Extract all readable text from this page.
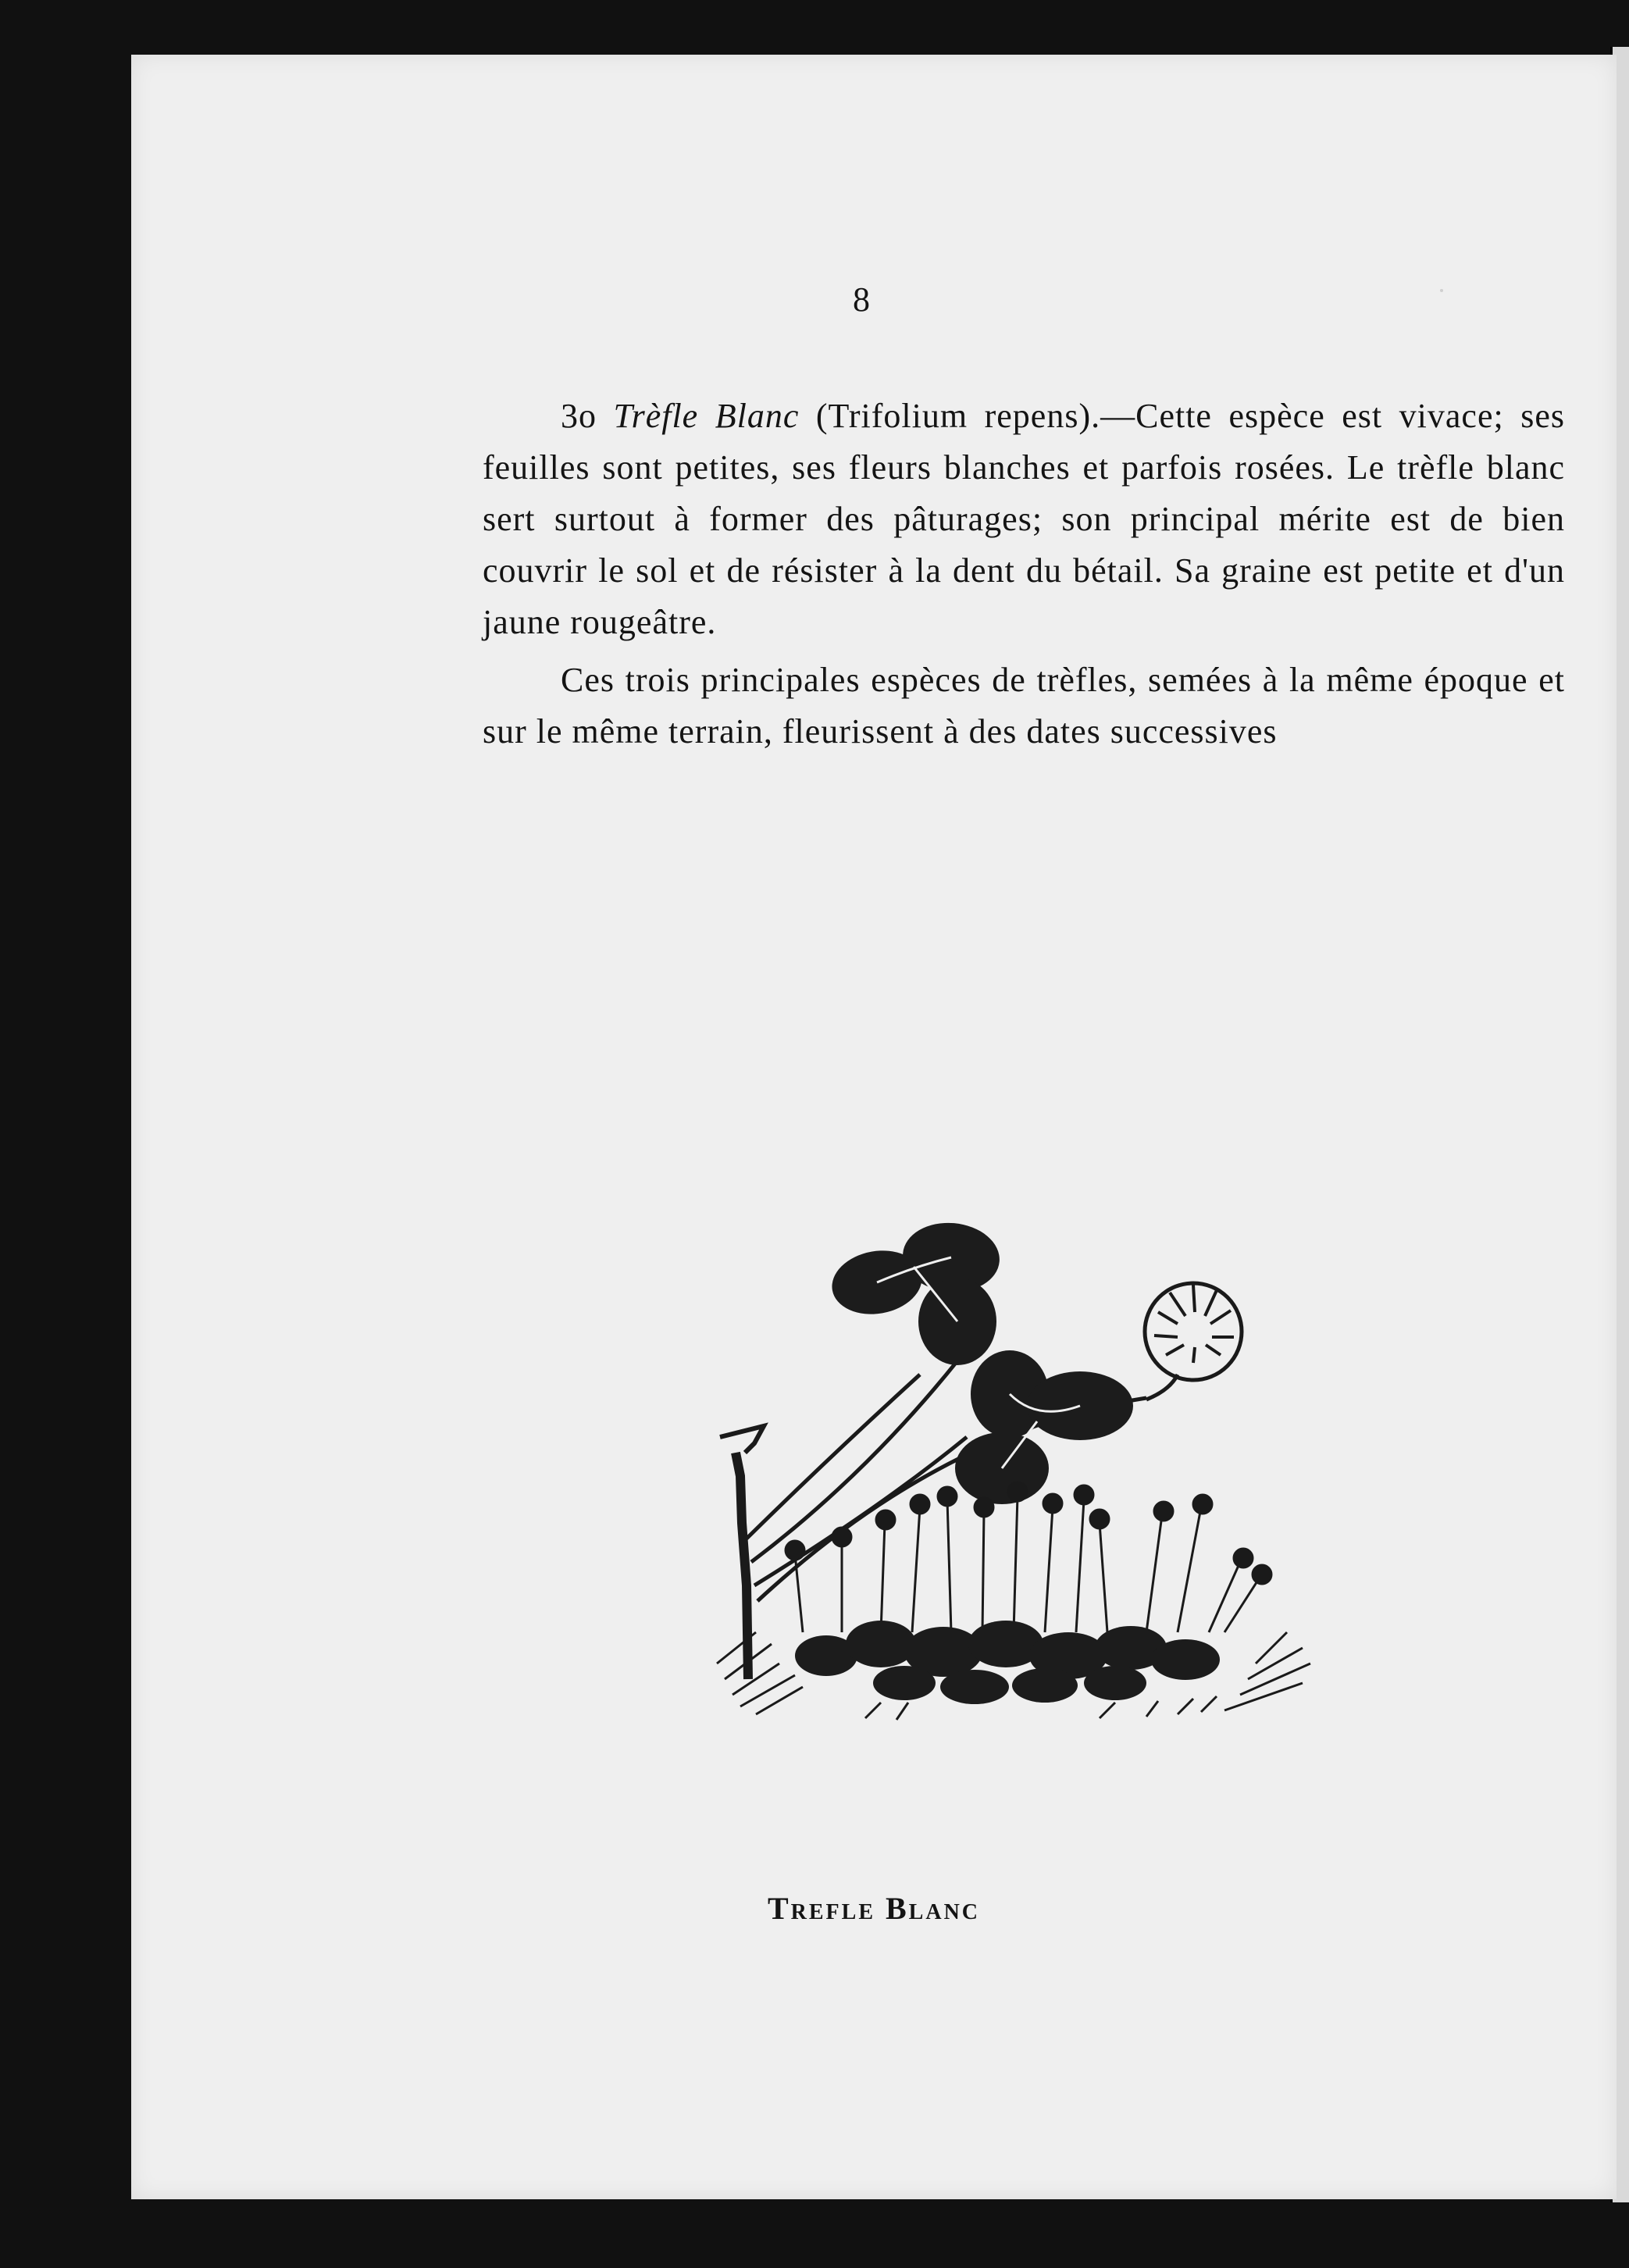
8

3o Trèfle Blanc (Trifolium repens).—Cette espèce est vivace; ses feuilles sont petites, ses fleurs blanches et parfois rosées. Le trèfle blanc sert surtout à former des pâturages; son principal mérite est de bien couvrir le sol et de résister à la dent du bétail. Sa graine est petite et d'un jaune rougeâtre.

Ces trois principales espèces de trèfles, semées à la même époque et sur le même terrain, fleurissent à des dates successives

Trefle Blanc
